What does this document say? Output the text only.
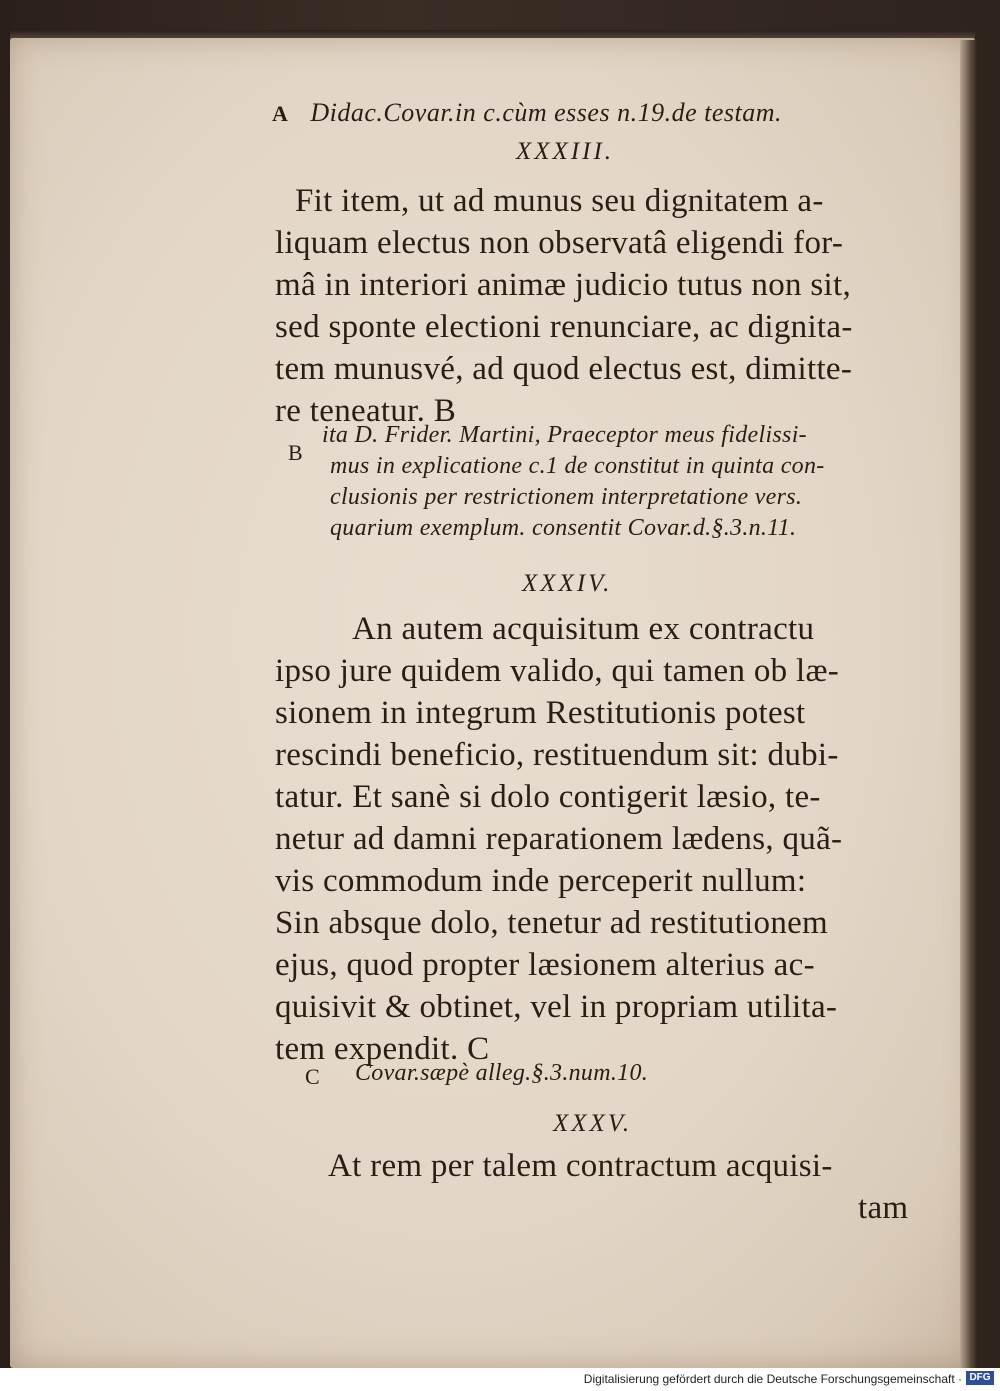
A Didac.Covar.in c.cùm esses n.19.de testam.
XXXIII.
Fit item, ut ad munus seu dignitatem a-
liquam electus non observatâ eligendi for-
mâ in interiori animæ judicio tutus non sit,
sed sponte electioni renunciare, ac dignita-
tem munusvé, ad quod electus est, dimitte-
re teneatur. B
B
ita D. Frider. Martini, Praeceptor meus fidelissi-
mus in explicatione c.1 de constitut in quinta con-
clusionis per restrictionem interpretatione vers.
quarium exemplum. consentit Covar.d.§.3.n.11.
XXXIV.
An autem acquisitum ex contractu
ipso jure quidem valido, qui tamen ob læ-
sionem in integrum Restitutionis potest
rescindi beneficio, restituendum sit: dubi-
tatur. Et sanè si dolo contigerit læsio, te-
netur ad damni reparationem lædens, quã-
vis commodum inde perceperit nullum:
Sin absque dolo, tenetur ad restitutionem
ejus, quod propter læsionem alterius ac-
quisivit & obtinet, vel in propriam utilita-
tem expendit. C
C Covar.sæpè alleg.§.3.num.10.
XXXV.
At rem per talem contractum acquisi-
tam
Digitalisierung gefördert durch die Deutsche Forschungsgemeinschaft · DFG
